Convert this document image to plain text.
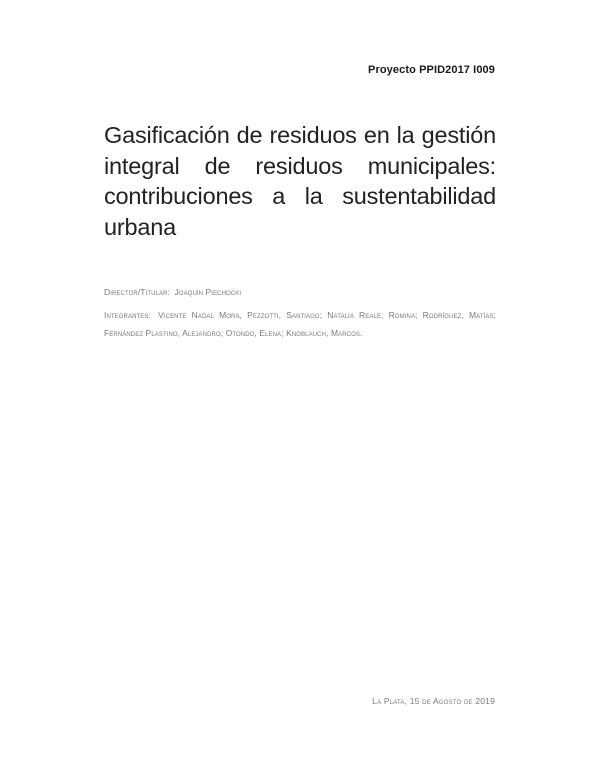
Proyecto PPID2017 I009
Gasificación de residuos en la gestión integral de residuos municipales: contribuciones a la sustentabilidad urbana
Director/Titular: Joaquín Piechocki
Integrantes: Vicente Nadal Mora, Pezzotti, Santiago; Natalia Reale, Romina; Rodríguez, Matías; Fernández Plastino, Alejandro; Otondo, Elena; Knoblauch, Marcos.
La Plata, 15 de Agosto de 2019
